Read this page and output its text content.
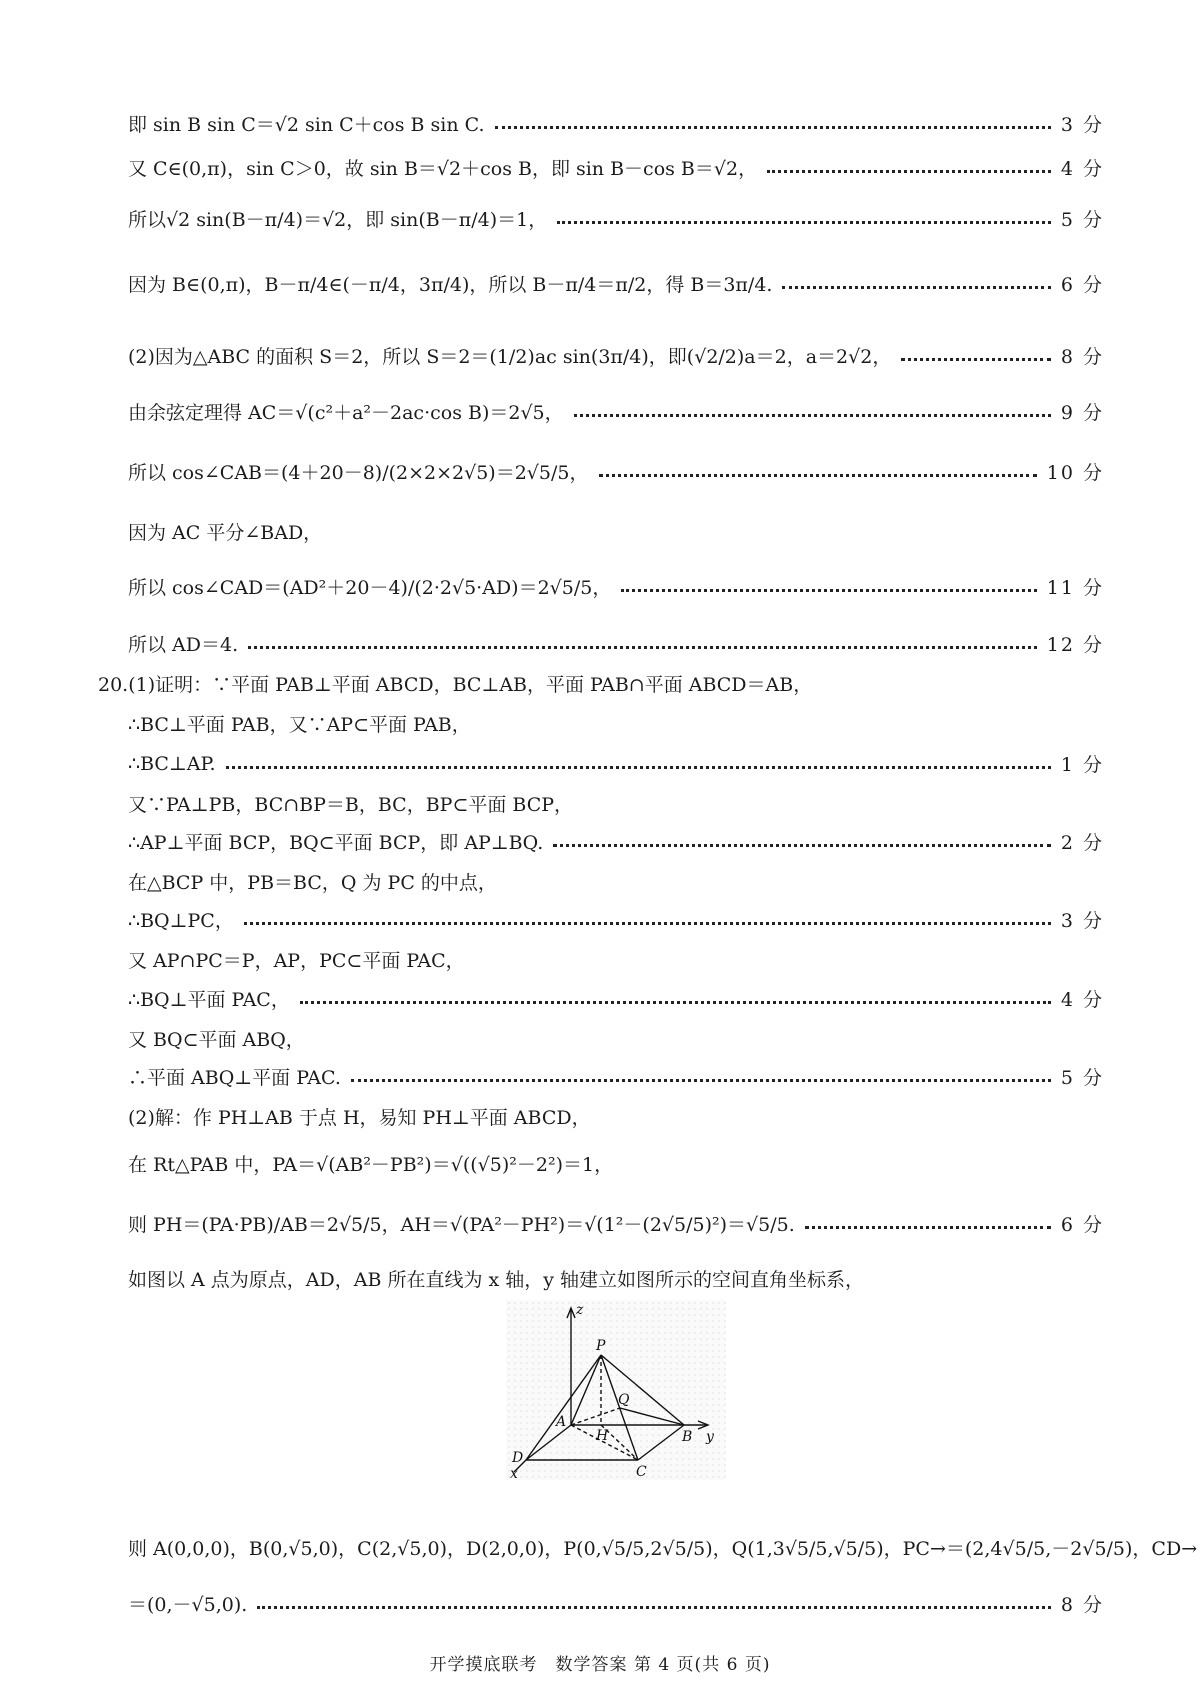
即 sin B sin C＝√2 sin C＋cos B sin C.	3 分
又 C∈(0,π)，sin C＞0，故 sin B＝√2＋cos B，即 sin B－cos B＝√2，	4 分
所以√2 sin(B－π/4)＝√2，即 sin(B－π/4)＝1，	5 分
因为 B∈(0,π)，B－π/4∈(－π/4，3π/4)，所以 B－π/4＝π/2，得 B＝3π/4.	6 分
(2)因为△ABC 的面积 S＝2，所以 S＝2＝(1/2)ac sin(3π/4)，即(√2/2)a＝2，a＝2√2，	8 分
由余弦定理得 AC＝√(c²＋a²－2ac·cos B)＝2√5，	9 分
所以 cos∠CAB＝(4＋20－8)/(2×2×2√5)＝2√5/5，	10 分
因为 AC 平分∠BAD，
所以 cos∠CAD＝(AD²＋20－4)/(2·2√5·AD)＝2√5/5，	11 分
所以 AD＝4.	12 分
20.(1)证明：∵平面 PAB⊥平面 ABCD，BC⊥AB，平面 PAB∩平面 ABCD＝AB，
∴BC⊥平面 PAB，又∵AP⊂平面 PAB，
∴BC⊥AP.	1 分
又∵PA⊥PB，BC∩BP＝B，BC，BP⊂平面 BCP，
∴AP⊥平面 BCP，BQ⊂平面 BCP，即 AP⊥BQ.	2 分
在△BCP 中，PB＝BC，Q 为 PC 的中点，
∴BQ⊥PC，	3 分
又 AP∩PC＝P，AP，PC⊂平面 PAC，
∴BQ⊥平面 PAC，	4 分
又 BQ⊂平面 ABQ，
∴平面 ABQ⊥平面 PAC.	5 分
(2)解：作 PH⊥AB 于点 H，易知 PH⊥平面 ABCD，
在 Rt△PAB 中，PA＝√(AB²－PB²)＝√((√5)²－2²)＝1，
则 PH＝(PA·PB)/AB＝2√5/5，AH＝√(PA²－PH²)＝√(1²－(2√5/5)²)＝√5/5.	6 分
如图以 A 点为原点，AD，AB 所在直线为 x 轴，y 轴建立如图所示的空间直角坐标系，
z
P
Q
A
H	B y
D
x	C
则 A(0,0,0)，B(0,√5,0)，C(2,√5,0)，D(2,0,0)，P(0,√5/5,2√5/5)，Q(1,3√5/5,√5/5)，PC→＝(2,4√5/5,－2√5/5)，CD→
＝(0,－√5,0).	8 分
开学摸底联考　数学答案 第 4 页(共 6 页)
